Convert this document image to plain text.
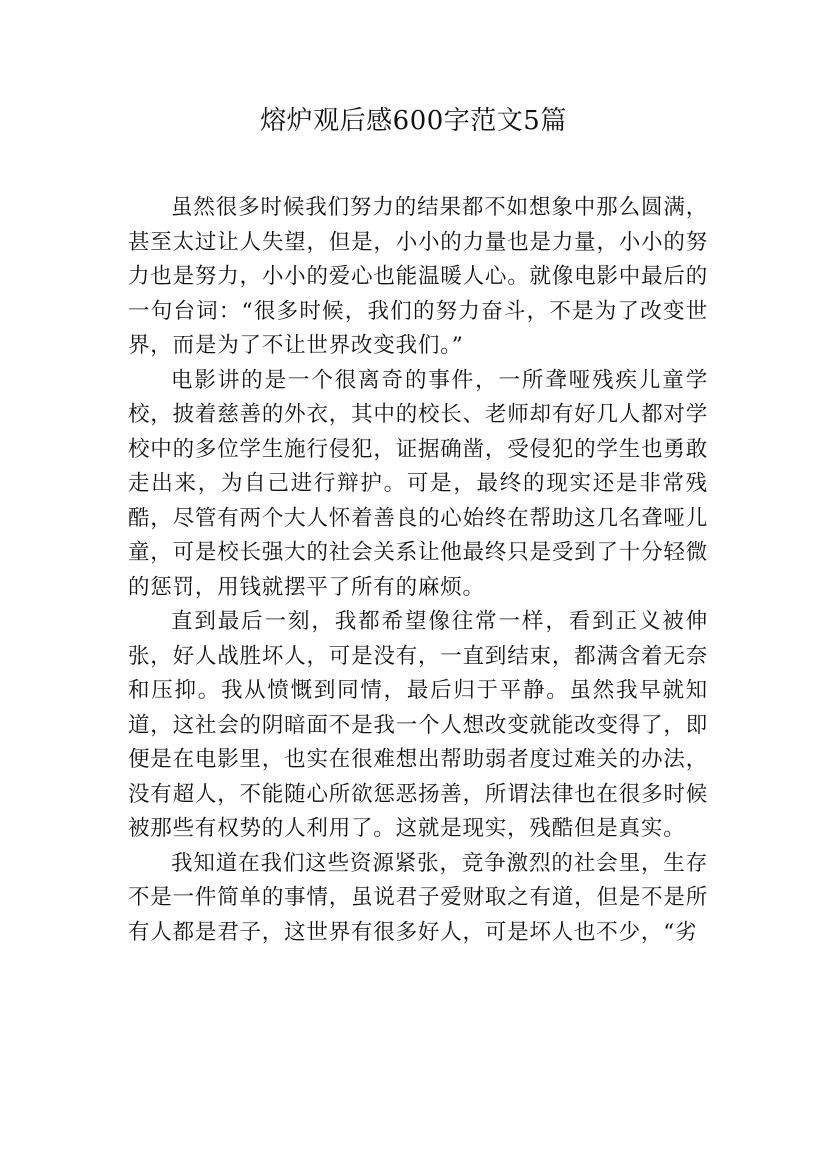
熔炉观后感600字范文5篇

虽然很多时候我们努力的结果都不如想象中那么圆满，甚至太过让人失望，但是，小小的力量也是力量，小小的努力也是努力，小小的爱心也能温暖人心。就像电影中最后的一句台词：“很多时候，我们的努力奋斗，不是为了改变世界，而是为了不让世界改变我们。”

电影讲的是一个很离奇的事件，一所聋哑残疾儿童学校，披着慈善的外衣，其中的校长、老师却有好几人都对学校中的多位学生施行侵犯，证据确凿，受侵犯的学生也勇敢走出来，为自己进行辩护。可是，最终的现实还是非常残酷，尽管有两个大人怀着善良的心始终在帮助这几名聋哑儿童，可是校长强大的社会关系让他最终只是受到了十分轻微的惩罚，用钱就摆平了所有的麻烦。

直到最后一刻，我都希望像往常一样，看到正义被伸张，好人战胜坏人，可是没有，一直到结束，都满含着无奈和压抑。我从愤慨到同情，最后归于平静。虽然我早就知道，这社会的阴暗面不是我一个人想改变就能改变得了，即便是在电影里，也实在很难想出帮助弱者度过难关的办法，没有超人，不能随心所欲惩恶扬善，所谓法律也在很多时候被那些有权势的人利用了。这就是现实，残酷但是真实。

我知道在我们这些资源紧张，竞争激烈的社会里，生存不是一件简单的事情，虽说君子爱财取之有道，但是不是所有人都是君子，这世界有很多好人，可是坏人也不少，“劣
